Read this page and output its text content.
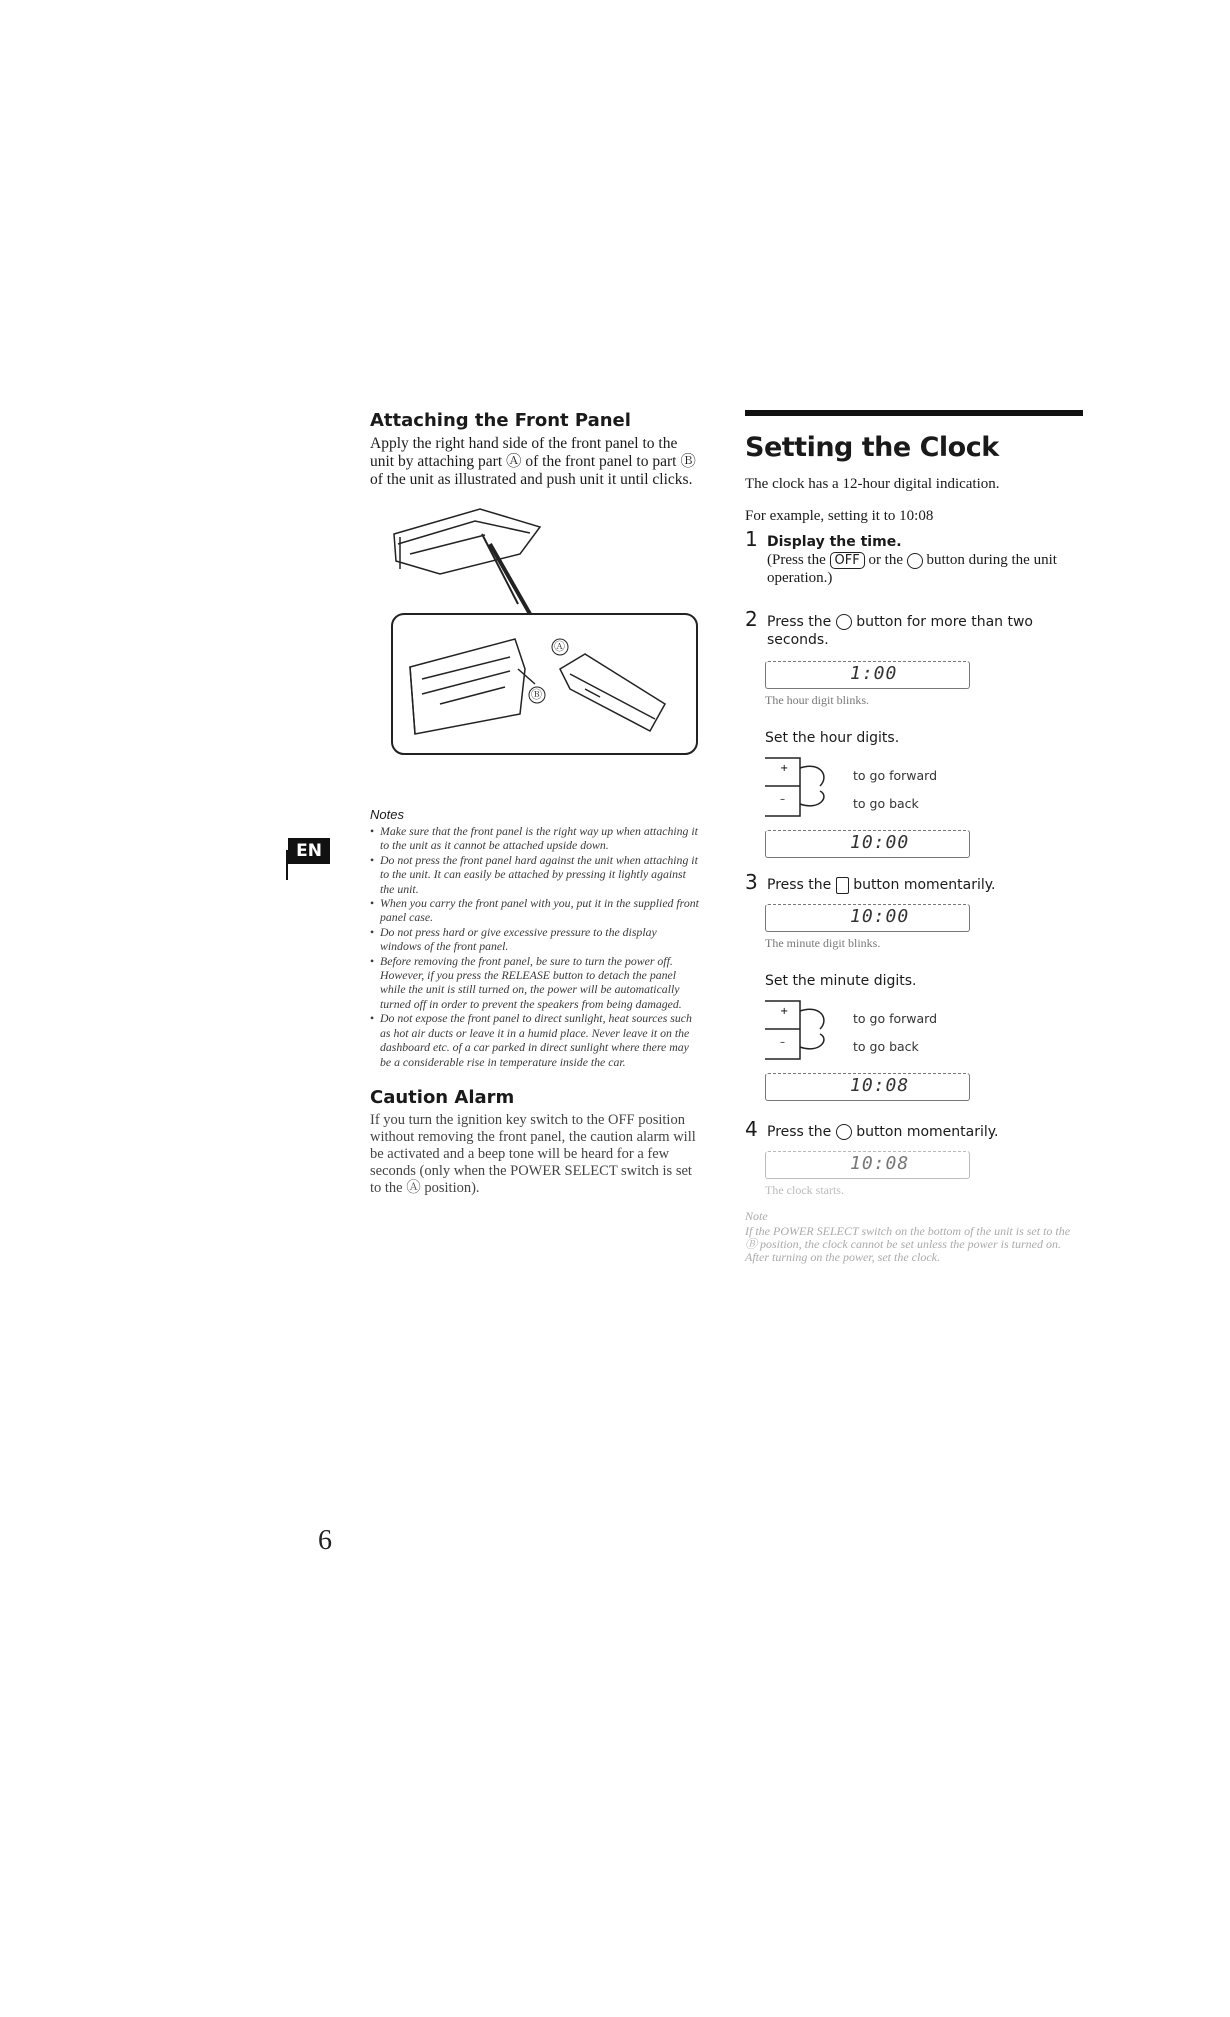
EN
Attaching the Front Panel

Apply the right hand side of the front panel to the unit by attaching part Ⓐ of the front panel to part Ⓑ of the unit as illustrated and push unit it until clicks.

Ⓑ
Ⓐ
Notes
• Make sure that the front panel is the right way up when attaching it to the unit as it cannot be attached upside down.
• Do not press the front panel hard against the unit when attaching it to the unit. It can easily be attached by pressing it lightly against the unit.
• When you carry the front panel with you, put it in the supplied front panel case.
• Do not press hard or give excessive pressure to the display windows of the front panel.
• Before removing the front panel, be sure to turn the power off. However, if you press the RELEASE button to detach the panel while the unit is still turned on, the power will be automatically turned off in order to prevent the speakers from being damaged.
• Do not expose the front panel to direct sunlight, heat sources such as hot air ducts or leave it in a humid place. Never leave it on the dashboard etc. of a car parked in direct sunlight where there may be a considerable rise in temperature inside the car.
Caution Alarm

If you turn the ignition key switch to the OFF position without removing the front panel, the caution alarm will be activated and a beep tone will be heard for a few seconds (only when the POWER SELECT switch is set to the Ⓐ position).

Setting the Clock

The clock has a 12-hour digital indication.

For example, setting it to 10:08

1 Display the time.
(Press the OFF or the button during the unit operation.)
2 Press the button for more than two seconds.
1:00
The hour digit blinks.
Set the hour digits.
+
–
to go forward
to go back
10:00
3 Press the button momentarily.
10:00
The minute digit blinks.
Set the minute digits.
+
–
to go forward
to go back
10:08
4 Press the button momentarily.
10:08
The clock starts.
Note
If the POWER SELECT switch on the bottom of the unit is set to the Ⓑ position, the clock cannot be set unless the power is turned on. After turning on the power, set the clock.
6
